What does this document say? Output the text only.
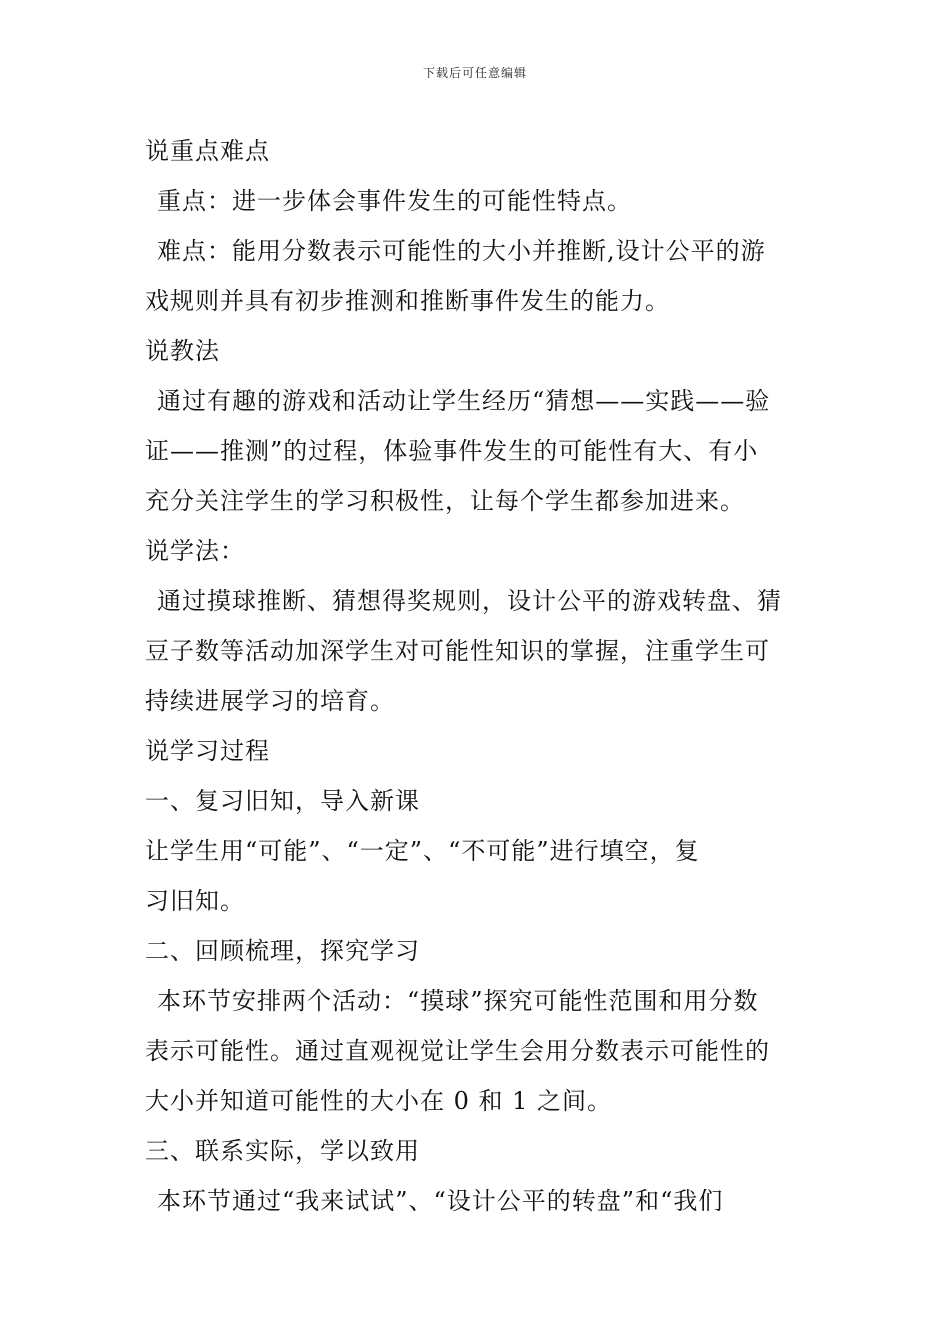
下载后可任意编辑
说重点难点
重点：进一步体会事件发生的可能性特点。
难点：能用分数表示可能性的大小并推断,设计公平的游
戏规则并具有初步推测和推断事件发生的能力。
说教法
通过有趣的游戏和活动让学生经历“猜想——实践——验
证——推测”的过程，体验事件发生的可能性有大、有小
充分关注学生的学习积极性，让每个学生都参加进来。
说学法：
通过摸球推断、猜想得奖规则，设计公平的游戏转盘、猜
豆子数等活动加深学生对可能性知识的掌握，注重学生可
持续进展学习的培育。
说学习过程
一、复习旧知，导入新课
让学生用“可能”、“一定”、“不可能”进行填空，复
习旧知。
二、回顾梳理，探究学习
本环节安排两个活动：“摸球”探究可能性范围和用分数
表示可能性。通过直观视觉让学生会用分数表示可能性的
大小并知道可能性的大小在 0 和 1 之间。
三、联系实际，学以致用
本环节通过“我来试试”、“设计公平的转盘”和“我们
